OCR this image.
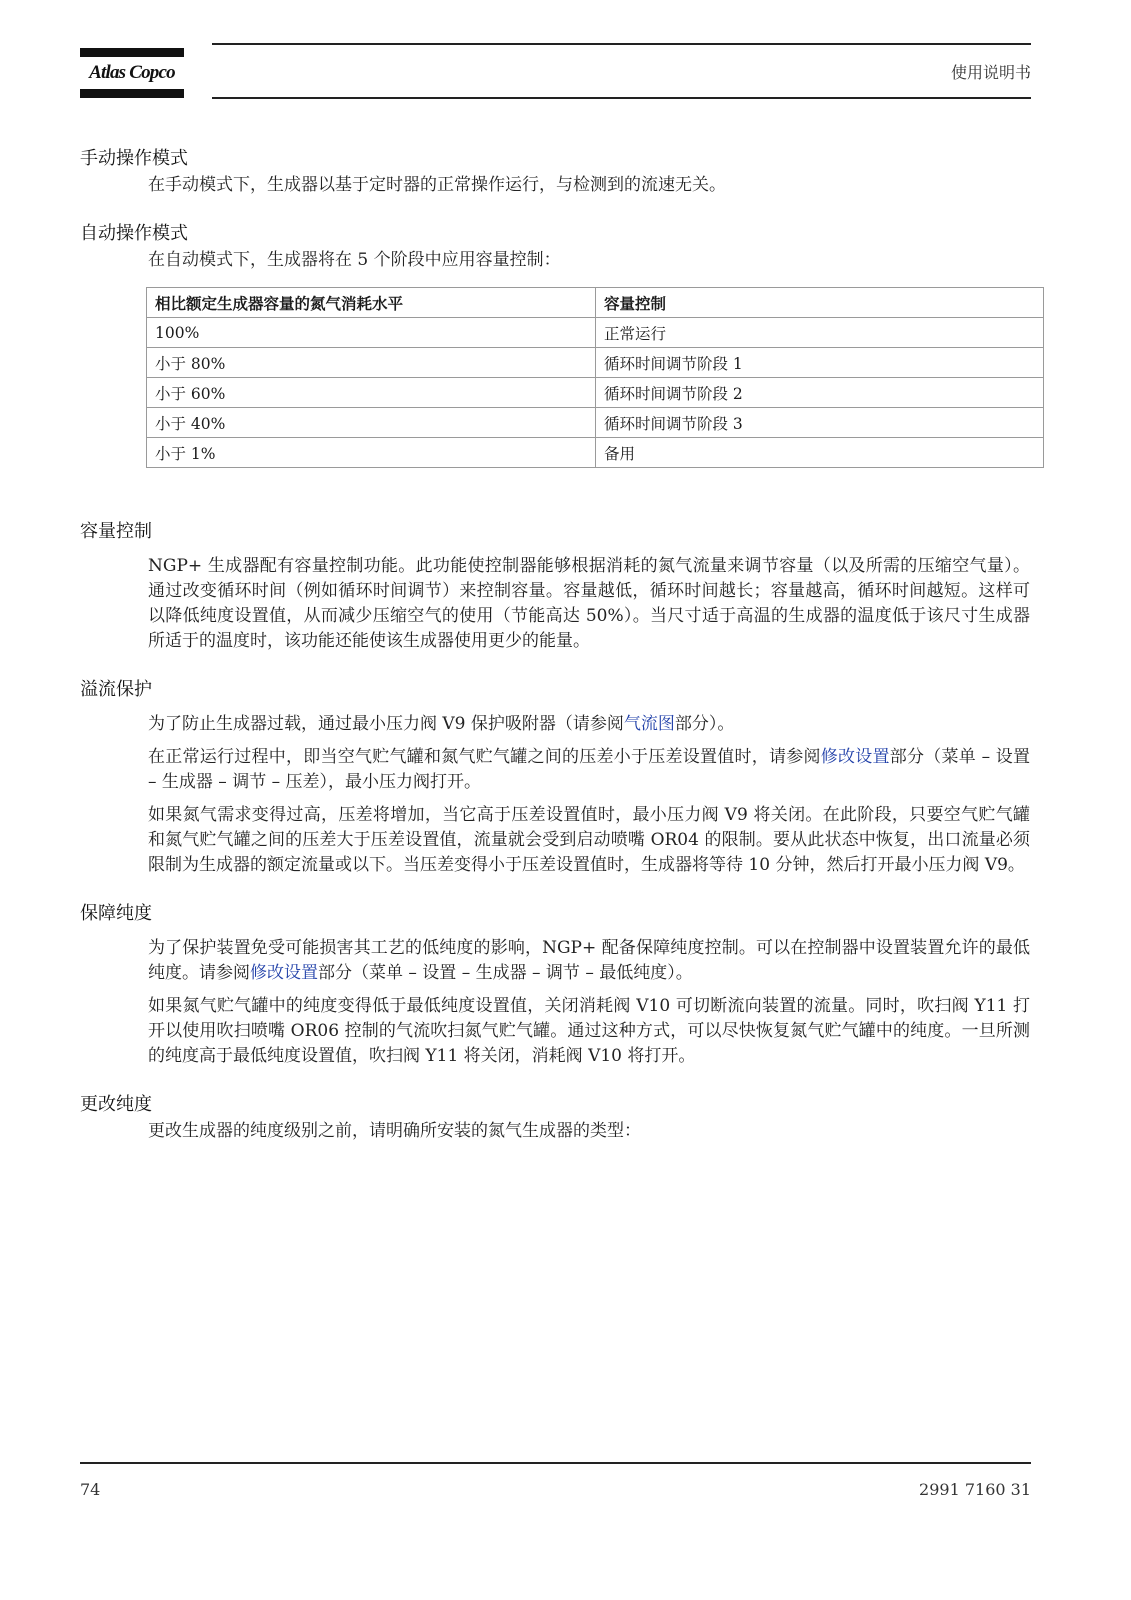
Atlas Copco	使用说明书
手动操作模式

在手动模式下，生成器以基于定时器的正常操作运行，与检测到的流速无关。

自动操作模式

在自动模式下，生成器将在 5 个阶段中应用容量控制：

相比额定生成器容量的氮气消耗水平	容量控制
100%	正常运行
小于 80%	循环时间调节阶段 1
小于 60%	循环时间调节阶段 2
小于 40%	循环时间调节阶段 3
小于 1%	备用
容量控制

NGP+ 生成器配有容量控制功能。此功能使控制器能够根据消耗的氮气流量来调节容量（以及所需的压缩空气量）。通过改变循环时间（例如循环时间调节）来控制容量。容量越低，循环时间越长；容量越高，循环时间越短。这样可以降低纯度设置值，从而减少压缩空气的使用（节能高达 50%）。当尺寸适于高温的生成器的温度低于该尺寸生成器所适于的温度时，该功能还能使该生成器使用更少的能量。

溢流保护

为了防止生成器过载，通过最小压力阀 V9 保护吸附器（请参阅气流图部分）。

在正常运行过程中，即当空气贮气罐和氮气贮气罐之间的压差小于压差设置值时，请参阅修改设置部分（菜单 – 设置 – 生成器 – 调节 – 压差），最小压力阀打开。

如果氮气需求变得过高，压差将增加，当它高于压差设置值时，最小压力阀 V9 将关闭。在此阶段，只要空气贮气罐和氮气贮气罐之间的压差大于压差设置值，流量就会受到启动喷嘴 OR04 的限制。要从此状态中恢复，出口流量必须限制为生成器的额定流量或以下。当压差变得小于压差设置值时，生成器将等待 10 分钟，然后打开最小压力阀 V9。

保障纯度

为了保护装置免受可能损害其工艺的低纯度的影响，NGP+ 配备保障纯度控制。可以在控制器中设置装置允许的最低纯度。请参阅修改设置部分（菜单 – 设置 – 生成器 – 调节 – 最低纯度）。

如果氮气贮气罐中的纯度变得低于最低纯度设置值，关闭消耗阀 V10 可切断流向装置的流量。同时，吹扫阀 Y11 打开以使用吹扫喷嘴 OR06 控制的气流吹扫氮气贮气罐。通过这种方式，可以尽快恢复氮气贮气罐中的纯度。一旦所测的纯度高于最低纯度设置值，吹扫阀 Y11 将关闭，消耗阀 V10 将打开。

更改纯度

更改生成器的纯度级别之前，请明确所安装的氮气生成器的类型：

74	2991 7160 31
